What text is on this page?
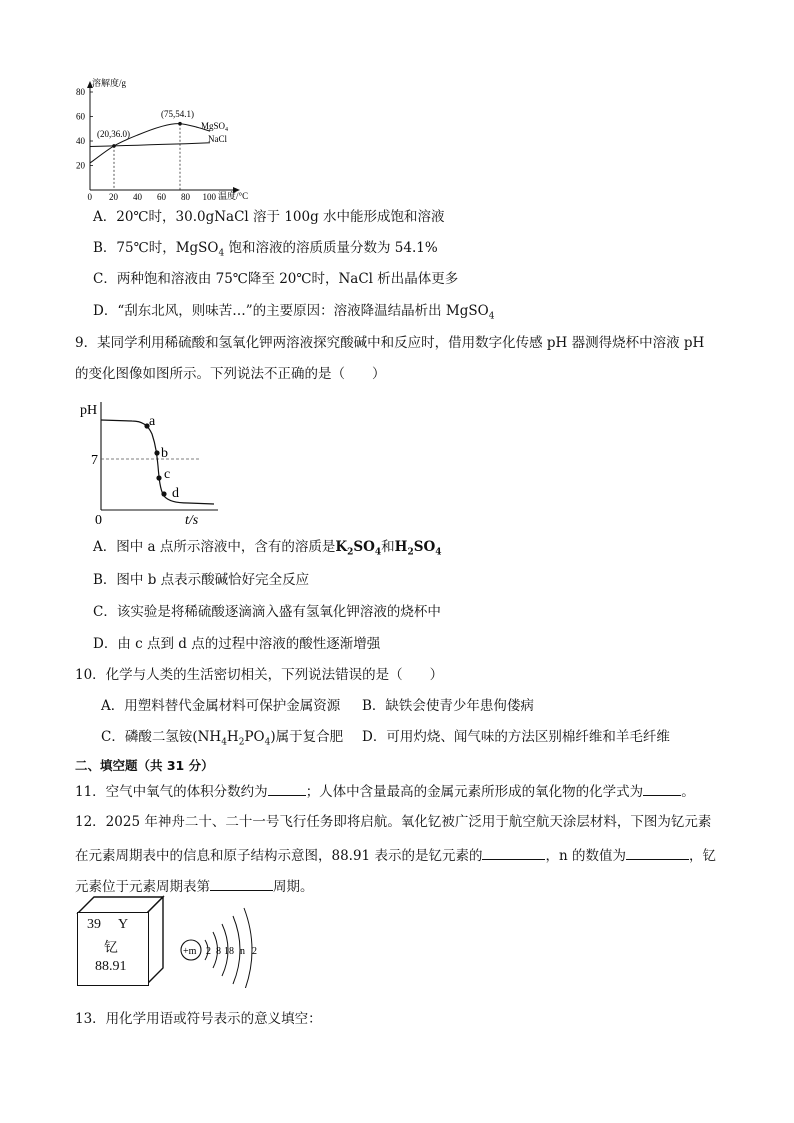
溶解度/g
80
60
40
20
0 20 40 60 80 100 温度/°C
(75,54.1)
(20,36.0)
MgSO$_4$
NaCl
A．20℃时，30.0gNaCl 溶于 100g 水中能形成饱和溶液
B．75℃时，MgSO$_4$ 饱和溶液的溶质质量分数为 54.1%
C．两种饱和溶液由 75℃降至 20℃时，NaCl 析出晶体更多
D．“刮东北风，则味苦…”的主要原因：溶液降温结晶析出 MgSO$_4$
9．某同学利用稀硫酸和氢氧化钾两溶液探究酸碱中和反应时，借用数字化传感 pH 器测得烧杯中溶液 pH
的变化图像如图所示。下列说法不正确的是（　　）
pH
7
0	t/s
a
b
c
d
A．图中 a 点所示溶液中，含有的溶质是$K_2SO_4$和$H_2SO_4$
B．图中 b 点表示酸碱恰好完全反应
C．该实验是将稀硫酸逐滴滴入盛有氢氧化钾溶液的烧杯中
D．由 c 点到 d 点的过程中溶液的酸性逐渐增强
10．化学与人类的生活密切相关，下列说法错误的是（　　）
A．用塑料替代金属材料可保护金属资源 B．缺铁会使青少年患佝偻病
C．磷酸二氢铵$(NH_4H_2PO_4)$属于复合肥 D．可用灼烧、闻气味的方法区别棉纤维和羊毛纤维
二、填空题（共 31 分）
11．空气中氧气的体积分数约为	；人体中含量最高的金属元素所形成的氧化物的化学式为	。
12．2025 年神舟二十、二十一号飞行任务即将启航。氧化钇被广泛用于航空航天涂层材料，下图为钇元素
在元素周期表中的信息和原子结构示意图，88.91 表示的是钇元素的	，n 的数值为	，钇
元素位于元素周期表第	周期。
39 Y
钇
88.91
+m 2 8 18 n 2
13．用化学用语或符号表示的意义填空：
